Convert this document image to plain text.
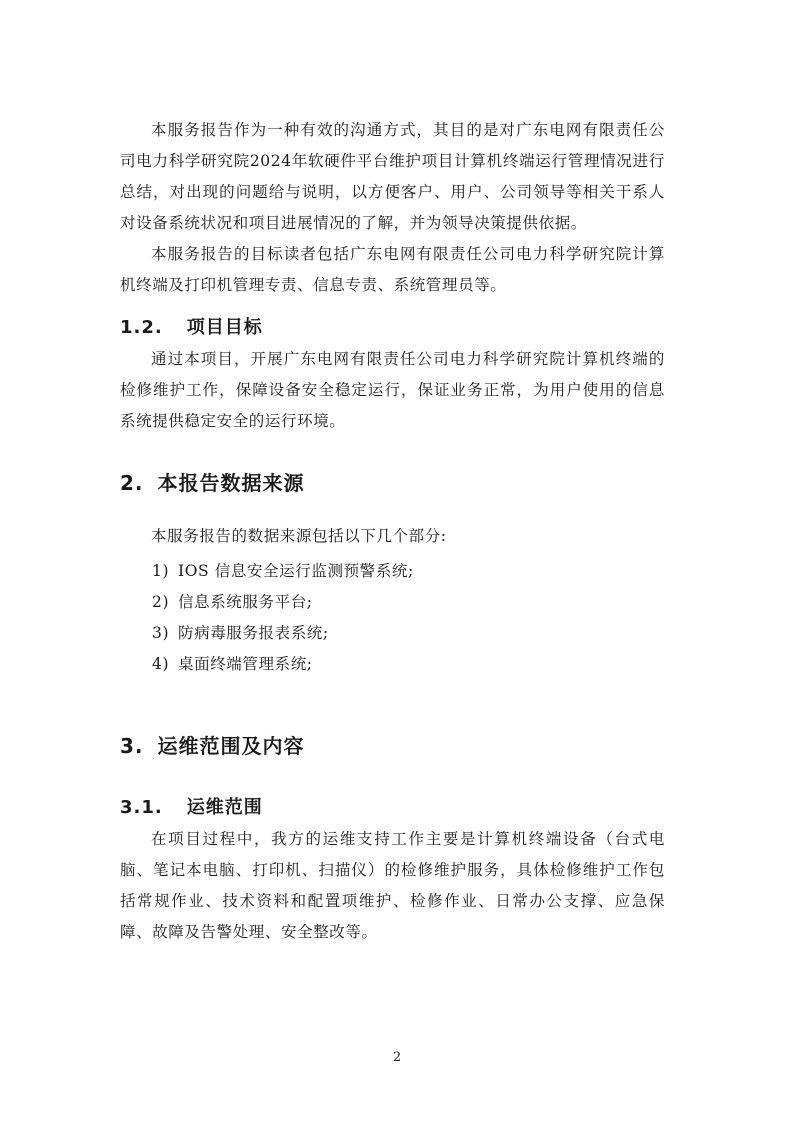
本服务报告作为一种有效的沟通方式，其目的是对广东电网有限责任公司电力科学研究院2024年软硬件平台维护项目计算机终端运行管理情况进行总结，对出现的问题给与说明，以方便客户、用户、公司领导等相关干系人对设备系统状况和项目进展情况的了解，并为领导决策提供依据。

本服务报告的目标读者包括广东电网有限责任公司电力科学研究院计算机终端及打印机管理专责、信息专责、系统管理员等。

1.2. 项目目标

通过本项目，开展广东电网有限责任公司电力科学研究院计算机终端的检修维护工作，保障设备安全稳定运行，保证业务正常，为用户使用的信息系统提供稳定安全的运行环境。

2. 本报告数据来源

本服务报告的数据来源包括以下几个部分:

1) IOS 信息安全运行监测预警系统;

2) 信息系统服务平台;

3) 防病毒服务报表系统;

4) 桌面终端管理系统;

3. 运维范围及内容
3.1. 运维范围

在项目过程中，我方的运维支持工作主要是计算机终端设备（台式电脑、笔记本电脑、打印机、扫描仪）的检修维护服务，具体检修维护工作包括常规作业、技术资料和配置项维护、检修作业、日常办公支撑、应急保障、故障及告警处理、安全整改等。

2
